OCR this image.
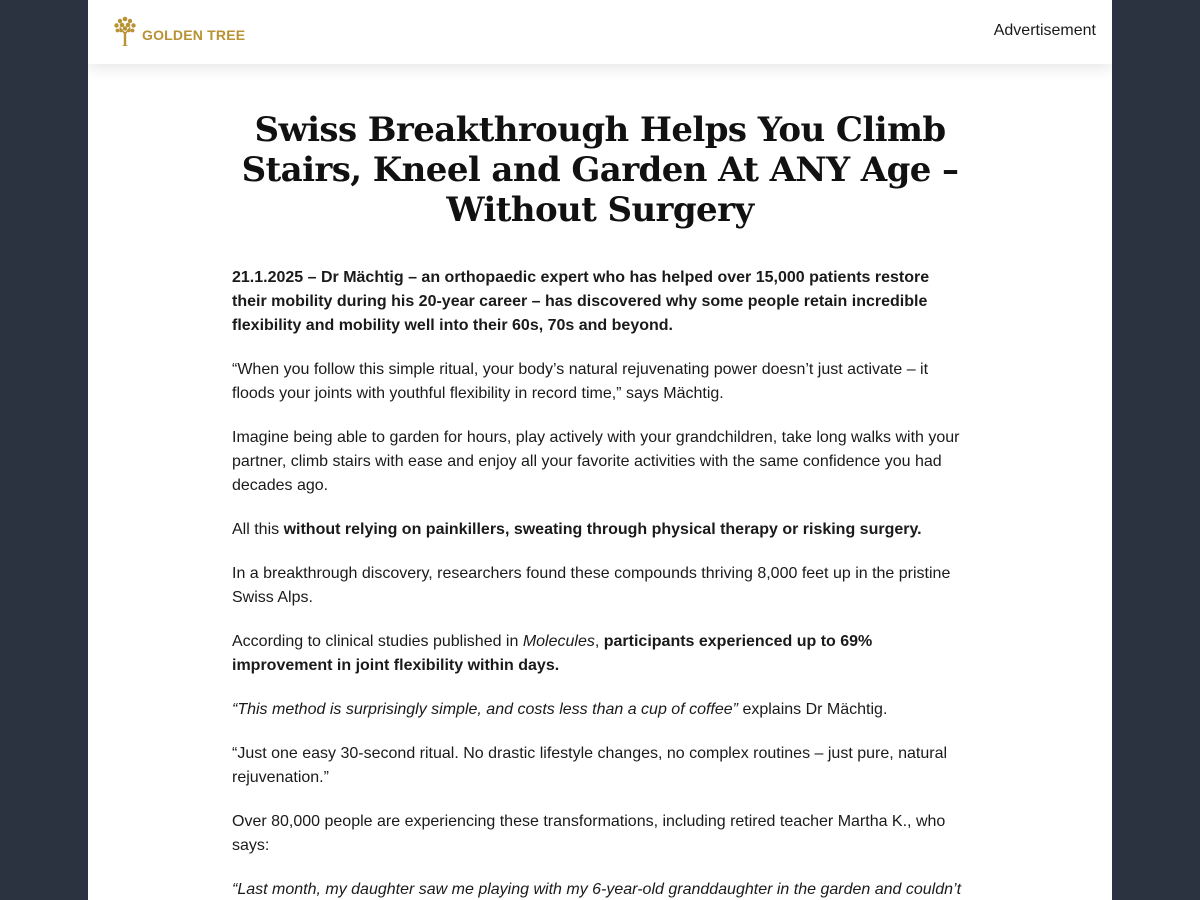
GOLDEN TREE	Advertisement
Swiss Breakthrough Helps You Climb Stairs, Kneel and Garden At ANY Age – Without Surgery

21.1.2025 – Dr Mächtig – an orthopaedic expert who has helped over 15,000 patients restore their mobility during his 20-year career – has discovered why some people retain incredible flexibility and mobility well into their 60s, 70s and beyond.

“When you follow this simple ritual, your body’s natural rejuvenating power doesn’t just activate – it floods your joints with youthful flexibility in record time,” says Mächtig.

Imagine being able to garden for hours, play actively with your grandchildren, take long walks with your partner, climb stairs with ease and enjoy all your favorite activities with the same confidence you had decades ago.

All this without relying on painkillers, sweating through physical therapy or risking surgery.

In a breakthrough discovery, researchers found these compounds thriving 8,000 feet up in the pristine Swiss Alps.

According to clinical studies published in Molecules, participants experienced up to 69% improvement in joint flexibility within days.

“This method is surprisingly simple, and costs less than a cup of coffee” explains Dr Mächtig.

“Just one easy 30-second ritual. No drastic lifestyle changes, no complex routines – just pure, natural rejuvenation.”

Over 80,000 people are experiencing these transformations, including retired teacher Martha K., who says:

“Last month, my daughter saw me playing with my 6-year-old granddaughter in the garden and couldn’t
